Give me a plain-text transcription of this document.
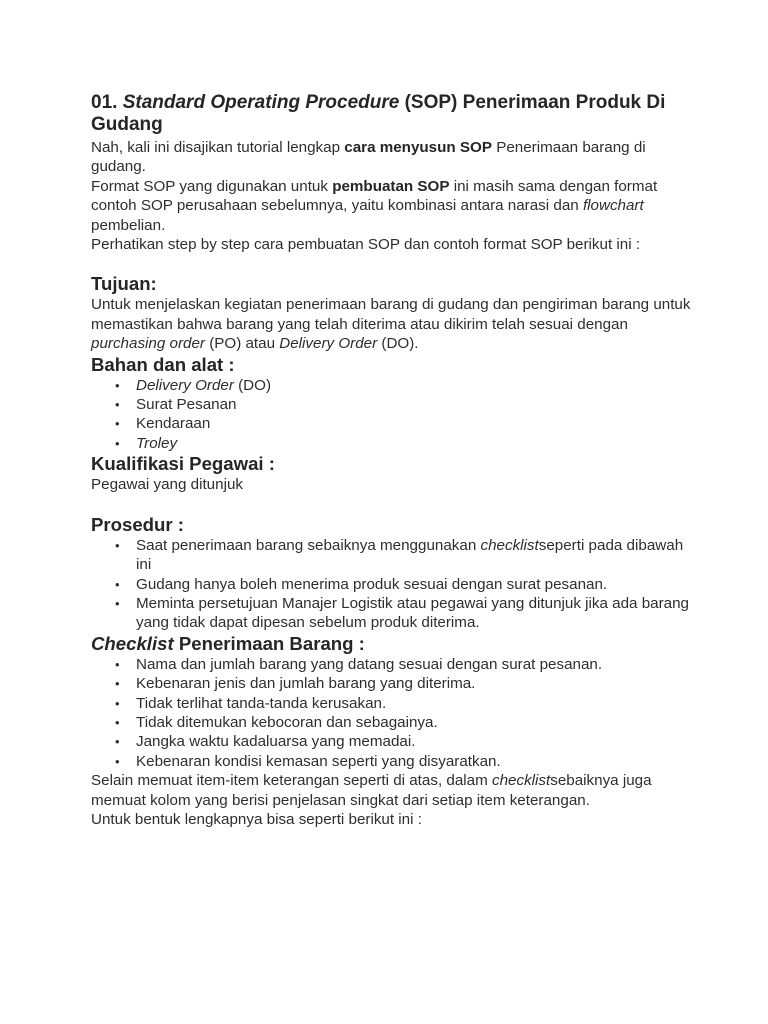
01. Standard Operating Procedure (SOP) Penerimaan Produk Di Gudang

Nah, kali ini disajikan tutorial lengkap cara menyusun SOP Penerimaan barang di gudang.

Format SOP yang digunakan untuk pembuatan SOP ini masih sama dengan format contoh SOP perusahaan sebelumnya, yaitu kombinasi antara narasi dan flowchart pembelian.

Perhatikan step by step cara pembuatan SOP dan contoh format SOP berikut ini :

Tujuan:

Untuk menjelaskan kegiatan penerimaan barang di gudang dan pengiriman barang untuk memastikan bahwa barang yang telah diterima atau dikirim telah sesuai dengan purchasing order (PO) atau Delivery Order (DO).

Bahan dan alat :
• Delivery Order (DO)
• Surat Pesanan
• Kendaraan
• Troley
Kualifikasi Pegawai :

Pegawai yang ditunjuk

Prosedur :
• Saat penerimaan barang sebaiknya menggunakan checklistseperti pada dibawah ini
• Gudang hanya boleh menerima produk sesuai dengan surat pesanan.
• Meminta persetujuan Manajer Logistik atau pegawai yang ditunjuk jika ada barang yang tidak dapat dipesan sebelum produk diterima.
Checklist Penerimaan Barang :
• Nama dan jumlah barang yang datang sesuai dengan surat pesanan.
• Kebenaran jenis dan jumlah barang yang diterima.
• Tidak terlihat tanda-tanda kerusakan.
• Tidak ditemukan kebocoran dan sebagainya.
• Jangka waktu kadaluarsa yang memadai.
• Kebenaran kondisi kemasan seperti yang disyaratkan.

Selain memuat item-item keterangan seperti di atas, dalam checklistsebaiknya juga memuat kolom yang berisi penjelasan singkat dari setiap item keterangan.

Untuk bentuk lengkapnya bisa seperti berikut ini :
